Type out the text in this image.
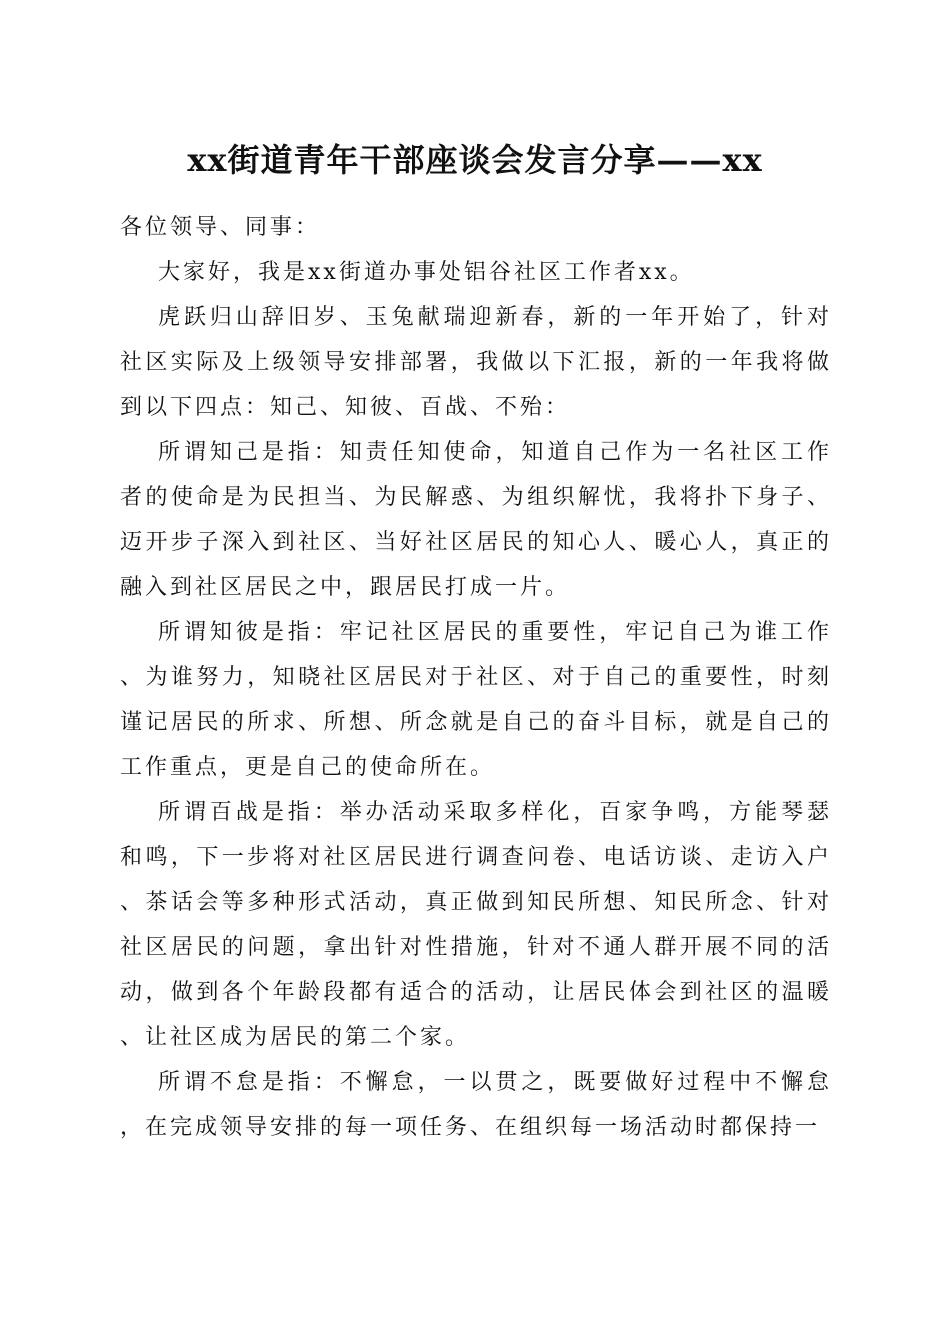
xx街道青年干部座谈会发言分享——xx

各位领导、同事：

大家好，我是xx街道办事处铝谷社区工作者xx。

虎跃归山辞旧岁、玉兔献瑞迎新春，新的一年开始了，针对社区实际及上级领导安排部署，我做以下汇报，新的一年我将做到以下四点：知己、知彼、百战、不殆：

所谓知己是指：知责任知使命，知道自己作为一名社区工作者的使命是为民担当、为民解惑、为组织解忧，我将扑下身子、迈开步子深入到社区、当好社区居民的知心人、暖心人，真正的融入到社区居民之中，跟居民打成一片。

所谓知彼是指：牢记社区居民的重要性，牢记自己为谁工作、为谁努力，知晓社区居民对于社区、对于自己的重要性，时刻谨记居民的所求、所想、所念就是自己的奋斗目标，就是自己的工作重点，更是自己的使命所在。

所谓百战是指：举办活动采取多样化，百家争鸣，方能琴瑟和鸣，下一步将对社区居民进行调查问卷、电话访谈、走访入户、茶话会等多种形式活动，真正做到知民所想、知民所念、针对社区居民的问题，拿出针对性措施，针对不通人群开展不同的活动，做到各个年龄段都有适合的活动，让居民体会到社区的温暖、让社区成为居民的第二个家。

所谓不怠是指：不懈怠，一以贯之，既要做好过程中不懈怠，在完成领导安排的每一项任务、在组织每一场活动时都保持一
